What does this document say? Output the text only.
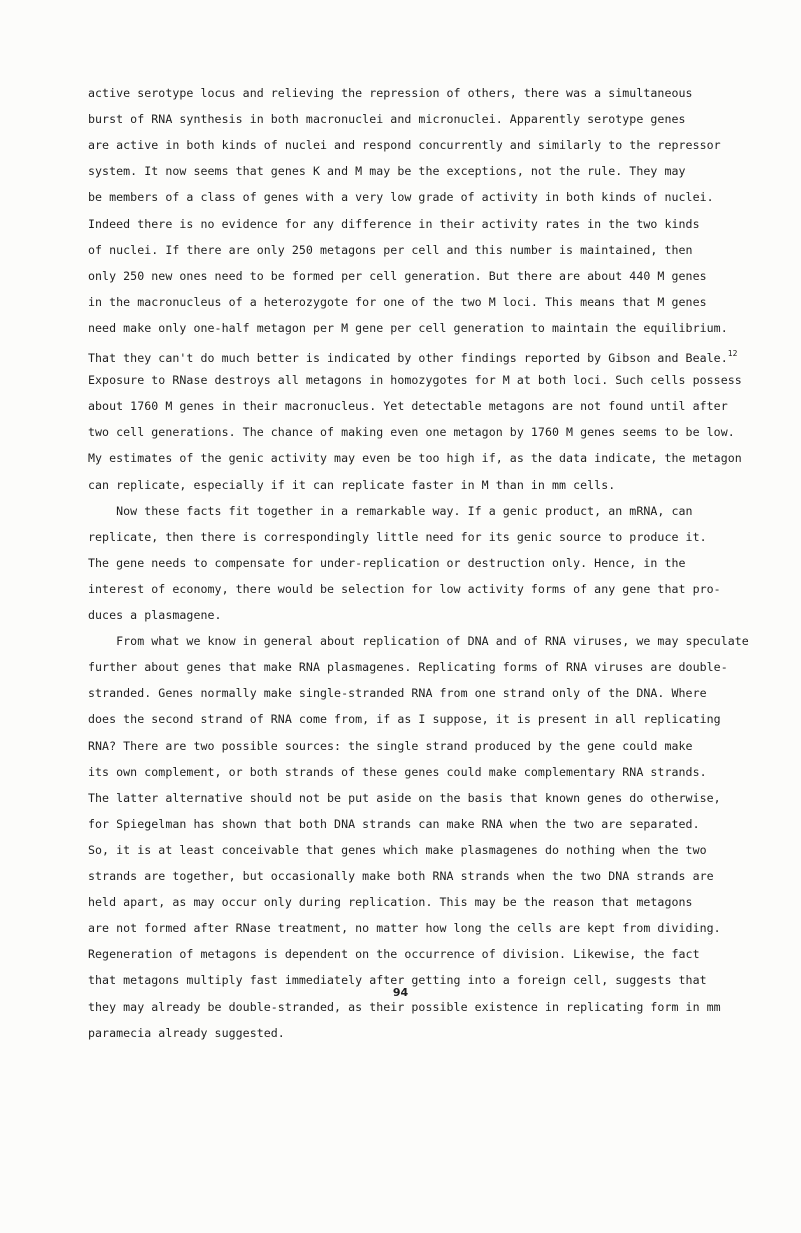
active serotype locus and relieving the repression of others, there was a simultaneous
burst of RNA synthesis in both macronuclei and micronuclei. Apparently serotype genes
are active in both kinds of nuclei and respond concurrently and similarly to the repressor
system. It now seems that genes K and M may be the exceptions, not the rule. They may
be members of a class of genes with a very low grade of activity in both kinds of nuclei.
Indeed there is no evidence for any difference in their activity rates in the two kinds
of nuclei. If there are only 250 metagons per cell and this number is maintained, then
only 250 new ones need to be formed per cell generation. But there are about 440 M genes
in the macronucleus of a heterozygote for one of the two M loci. This means that M genes
need make only one-half metagon per M gene per cell generation to maintain the equilibrium.
That they can't do much better is indicated by other findings reported by Gibson and Beale.$^{12}$
Exposure to RNase destroys all metagons in homozygotes for M at both loci. Such cells possess
about 1760 M genes in their macronucleus. Yet detectable metagons are not found until after
two cell generations. The chance of making even one metagon by 1760 M genes seems to be low.
My estimates of the genic activity may even be too high if, as the data indicate, the metagon
can replicate, especially if it can replicate faster in M than in mm cells.
Now these facts fit together in a remarkable way. If a genic product, an mRNA, can
replicate, then there is correspondingly little need for its genic source to produce it.
The gene needs to compensate for under-replication or destruction only. Hence, in the
interest of economy, there would be selection for low activity forms of any gene that pro-
duces a plasmagene.
From what we know in general about replication of DNA and of RNA viruses, we may speculate
further about genes that make RNA plasmagenes. Replicating forms of RNA viruses are double-
stranded. Genes normally make single-stranded RNA from one strand only of the DNA. Where
does the second strand of RNA come from, if as I suppose, it is present in all replicating
RNA? There are two possible sources: the single strand produced by the gene could make
its own complement, or both strands of these genes could make complementary RNA strands.
The latter alternative should not be put aside on the basis that known genes do otherwise,
for Spiegelman has shown that both DNA strands can make RNA when the two are separated.
So, it is at least conceivable that genes which make plasmagenes do nothing when the two
strands are together, but occasionally make both RNA strands when the two DNA strands are
held apart, as may occur only during replication. This may be the reason that metagons
are not formed after RNase treatment, no matter how long the cells are kept from dividing.
Regeneration of metagons is dependent on the occurrence of division. Likewise, the fact
that metagons multiply fast immediately after getting into a foreign cell, suggests that
they may already be double-stranded, as their possible existence in replicating form in mm
paramecia already suggested.
94
